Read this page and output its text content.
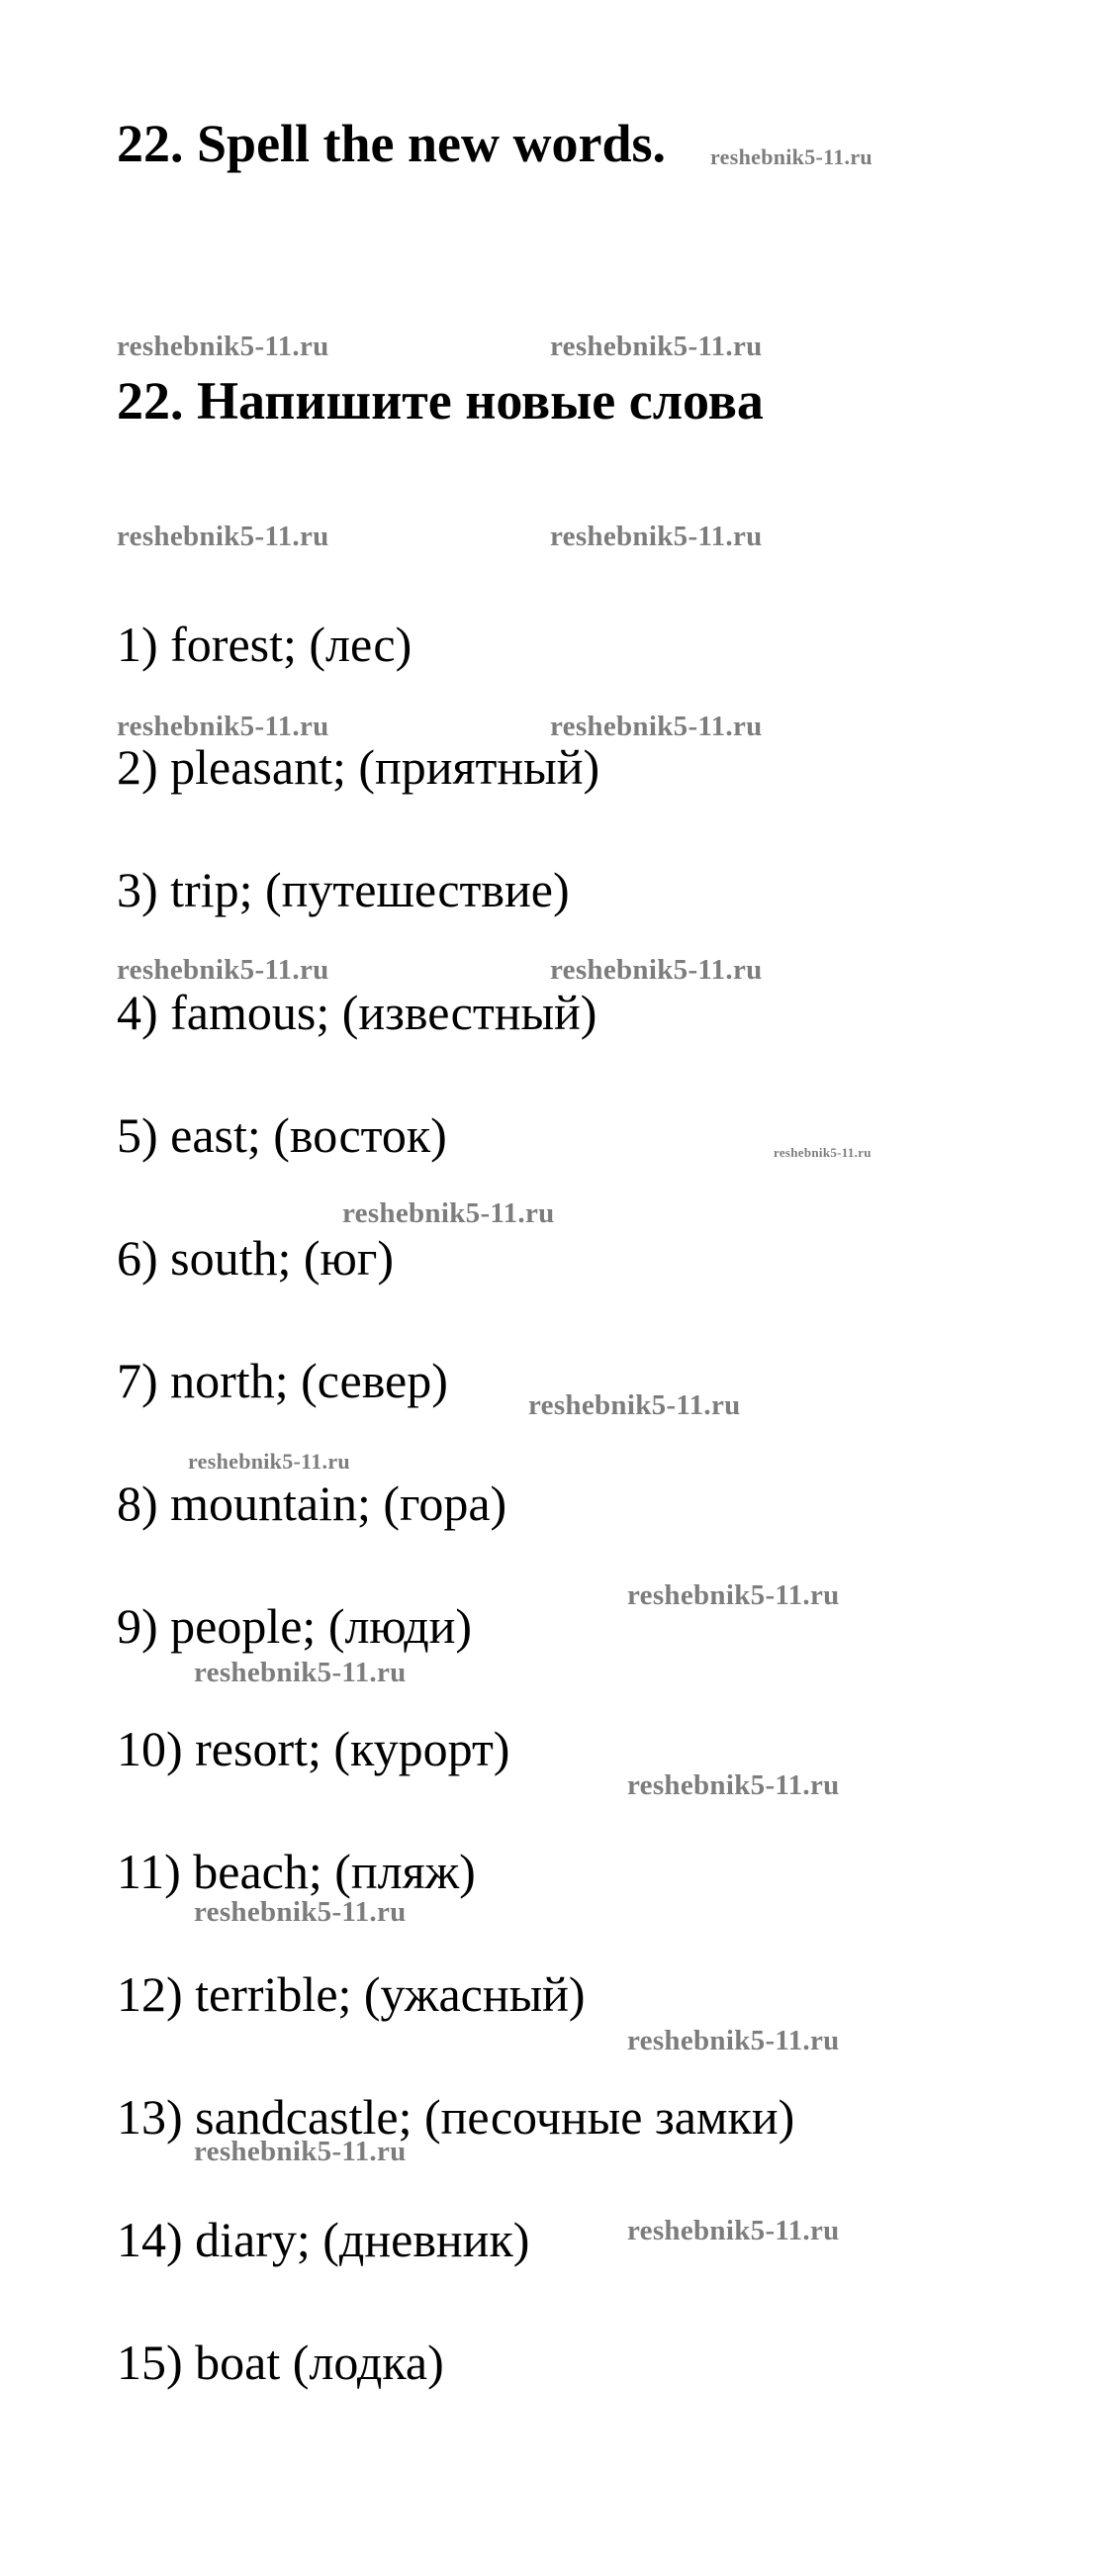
22. Spell the new words. reshebnik5-11.ru
reshebnik5-11.ru	reshebnik5-11.ru
22. Напишите новые слова
reshebnik5-11.ru	reshebnik5-11.ru
1) forest; (лес)
2) pleasant; (приятный)
3) trip; (путешествие)
4) famous; (известный)
5) east; (восток)
6) south; (юг)
7) north; (север)
8) mountain; (гора)
9) people; (люди)
10) resort; (курорт)
11) beach; (пляж)
12) terrible; (ужасный)
13) sandcastle; (песочные замки)
14) diary; (дневник)
15) boat (лодка)
reshebnik5-11.ru	reshebnik5-11.ru
reshebnik5-11.ru	reshebnik5-11.ru
reshebnik5-11.ru
reshebnik5-11.ru
reshebnik5-11.ru
reshebnik5-11.ru
reshebnik5-11.ru
reshebnik5-11.ru
reshebnik5-11.ru
reshebnik5-11.ru
reshebnik5-11.ru
reshebnik5-11.ru
reshebnik5-11.ru
